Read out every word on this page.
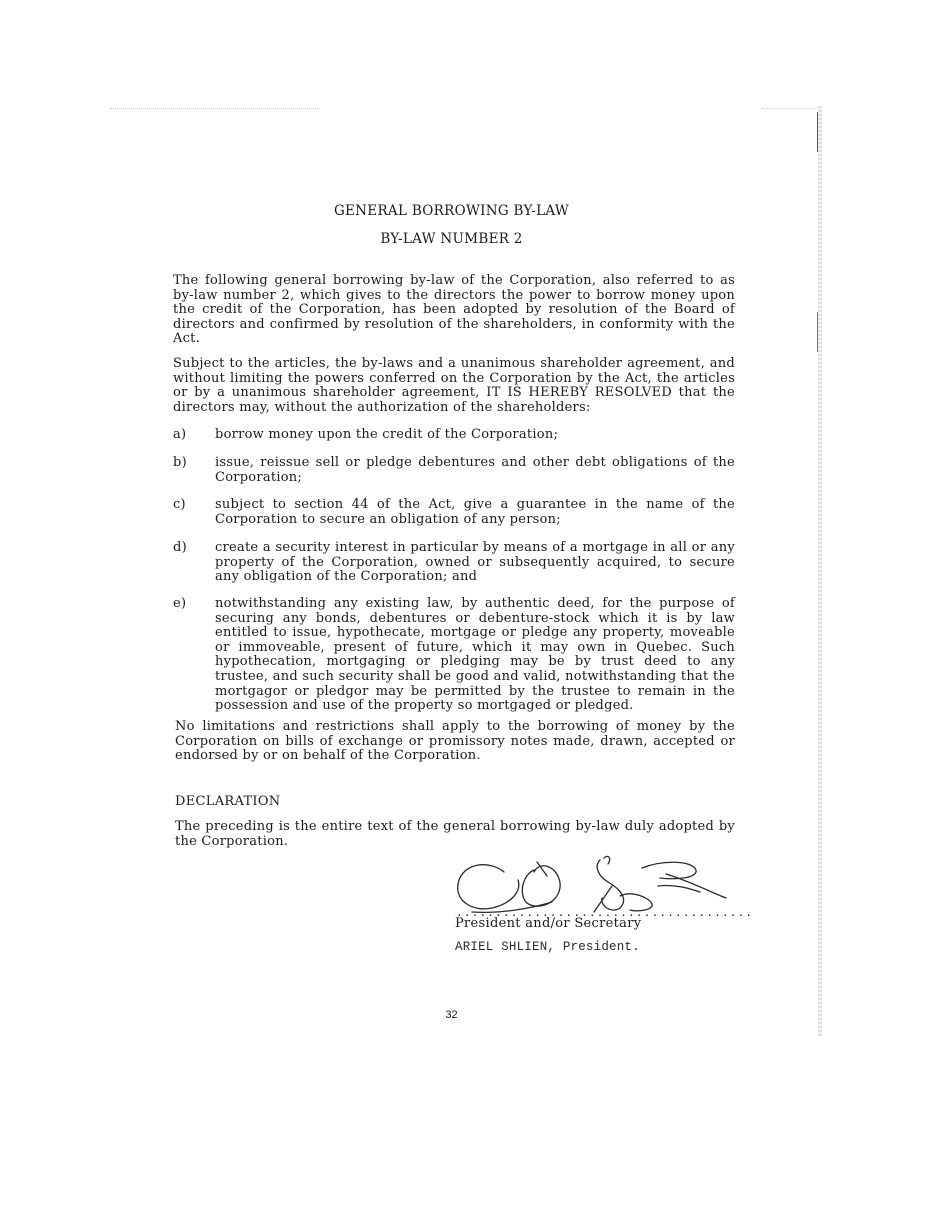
GENERAL BORROWING BY-LAW
BY-LAW NUMBER 2

The following general borrowing by-law of the Corporation, also referred to as by-law number 2, which gives to the directors the power to borrow money upon the credit of the Corporation, has been adopted by resolution of the Board of directors and confirmed by resolution of the shareholders, in conformity with the Act.

Subject to the articles, the by-laws and a unanimous shareholder agreement, and without limiting the powers conferred on the Corporation by the Act, the articles or by a unanimous shareholder agreement, IT IS HEREBY RESOLVED that the directors may, without the authorization of the shareholders:

a)	borrow money upon the credit of the Corporation;
b)	issue, reissue sell or pledge debentures and other debt obligations of the Corporation;
c)	subject to section 44 of the Act, give a guarantee in the name of the Corporation to secure an obligation of any person;
d)	create a security interest in particular by means of a mortgage in all or any property of the Corporation, owned or subsequently acquired, to secure any obligation of the Corporation; and
e)	notwithstanding any existing law, by authentic deed, for the purpose of securing any bonds, debentures or debenture-stock which it is by law entitled to issue, hypothecate, mortgage or pledge any property, moveable or immoveable, present of future, which it may own in Quebec. Such hypothecation, mortgaging or pledging may be by trust deed to any trustee, and such security shall be good and valid, notwithstanding that the mortgagor or pledgor may be permitted by the trustee to remain in the possession and use of the property so mortgaged or pledged.

No limitations and restrictions shall apply to the borrowing of money by the Corporation on bills of exchange or promissory notes made, drawn, accepted or endorsed by or on behalf of the Corporation.

DECLARATION

The preceding is the entire text of the general borrowing by-law duly adopted by the Corporation.

......................................
President and/or Secretary
ARIEL SHLIEN, President.
32
